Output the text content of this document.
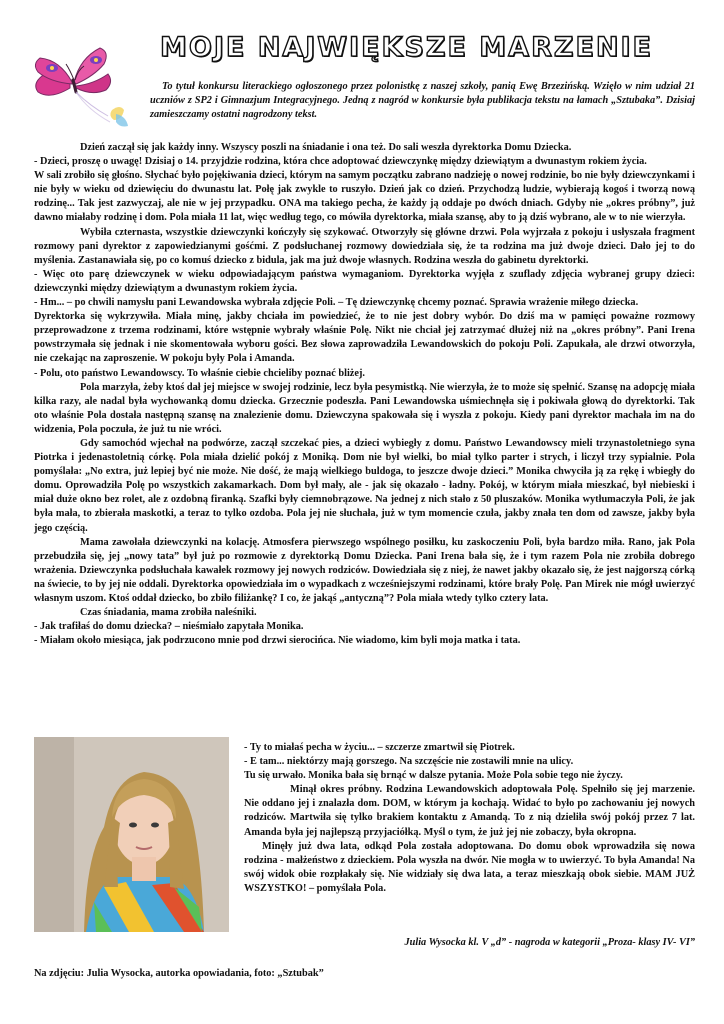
MOJE NAJWIĘKSZE MARZENIE
To tytuł konkursu literackiego ogłoszonego przez polonistkę z naszej szkoły, panią Ewę Brzezińską. Wzięło w nim udział 21 uczniów z SP2 i Gimnazjum Integracyjnego. Jedną z nagród w konkursie była publikacja tekstu na łamach „Sztubaka”. Dzisiaj zamieszczamy ostatni nagrodzony tekst.

Dzień zaczął się jak każdy inny. Wszyscy poszli na śniadanie i ona też. Do sali weszła dyrektorka Domu Dziecka.

- Dzieci, proszę o uwagę! Dzisiaj o 14. przyjdzie rodzina, która chce adoptować dziewczynkę między dziewiątym a dwunastym rokiem życia.

W sali zrobiło się głośno. Słychać było pojękiwania dzieci, którym na samym początku zabrano nadzieję o nowej rodzinie, bo nie były dziewczynkami i nie były w wieku od dziewięciu do dwunastu lat. Połę jak zwykle to ruszyło. Dzień jak co dzień. Przychodzą ludzie, wybierają kogoś i tworzą nową rodzinę... Tak jest zazwyczaj, ale nie w jej przypadku. ONA ma takiego pecha, że każdy ją oddaje po dwóch dniach. Gdyby nie „okres próbny”, już dawno miałaby rodzinę i dom. Pola miała 11 lat, więc według tego, co mówiła dyrektorka, miała szansę, aby to ją dziś wybrano, ale w to nie wierzyła.

Wybiła czternasta, wszystkie dziewczynki kończyły się szykować. Otworzyły się główne drzwi. Pola wyjrzała z pokoju i usłyszała fragment rozmowy pani dyrektor z zapowiedzianymi gośćmi. Z podsłuchanej rozmowy dowiedziała się, że ta rodzina ma już dwoje dzieci. Dało jej to do myślenia. Zastanawiała się, po co komuś dziecko z bidula, jak ma już dwoje własnych. Rodzina weszła do gabinetu dyrektorki.

- Więc oto parę dziewczynek w wieku odpowiadającym państwa wymaganiom. Dyrektorka wyjęła z szuflady zdjęcia wybranej grupy dzieci: dziewczynki między dziewiątym a dwunastym rokiem życia.

- Hm... – po chwili namysłu pani Lewandowska wybrała zdjęcie Poli. – Tę dziewczynkę chcemy poznać. Sprawia wrażenie miłego dziecka.

Dyrektorka się wykrzywiła. Miała minę, jakby chciała im powiedzieć, że to nie jest dobry wybór. Do dziś ma w pamięci poważne rozmowy przeprowadzone z trzema rodzinami, które wstępnie wybrały właśnie Polę. Nikt nie chciał jej zatrzymać dłużej niż na „okres próbny”. Pani Irena powstrzymała się jednak i nie skomentowała wyboru gości. Bez słowa zaprowadziła Lewandowskich do pokoju Poli. Zapukała, ale drzwi otworzyła, nie czekając na zaproszenie. W pokoju były Pola i Amanda.

- Polu, oto państwo Lewandowscy. To właśnie ciebie chcieliby poznać bliżej.

Pola marzyła, żeby ktoś dał jej miejsce w swojej rodzinie, lecz była pesymistką. Nie wierzyła, że to może się spełnić. Szansę na adopcję miała kilka razy, ale nadal była wychowanką domu dziecka. Grzecznie podeszła. Pani Lewandowska uśmiechnęła się i pokiwała głową do dyrektorki. Tak oto właśnie Pola dostała następną szansę na znalezienie domu. Dziewczyna spakowała się i wyszła z pokoju. Kiedy pani dyrektor machała im na do widzenia, Pola poczuła, że już tu nie wróci.

Gdy samochód wjechał na podwórze, zaczął szczekać pies, a dzieci wybiegły z domu. Państwo Lewandowscy mieli trzynastoletniego syna Piotrka i jedenastoletnią córkę. Pola miała dzielić pokój z Moniką. Dom nie był wielki, bo miał tylko parter i strych, i liczył trzy sypialnie. Pola pomyślała: „No extra, już lepiej być nie może. Nie dość, że mają wielkiego buldoga, to jeszcze dwoje dzieci.” Monika chwyciła ją za rękę i wbiegły do domu. Oprowadziła Polę po wszystkich zakamarkach. Dom był mały, ale - jak się okazało - ładny. Pokój, w którym miała mieszkać, był niebieski i miał duże okno bez rolet, ale z ozdobną firanką. Szafki były ciemnobrązowe. Na jednej z nich stało z 50 pluszaków. Monika wytłumaczyła Poli, że jak była mała, to zbierała maskotki, a teraz to tylko ozdoba. Pola jej nie słuchała, już w tym momencie czuła, jakby znała ten dom od zawsze, jakby była jego częścią.

Mama zawołała dziewczynki na kolację. Atmosfera pierwszego wspólnego posiłku, ku zaskoczeniu Poli, była bardzo miła. Rano, jak Pola przebudziła się, jej „nowy tata” był już po rozmowie z dyrektorką Domu Dziecka. Pani Irena bała się, że i tym razem Pola nie zrobiła dobrego wrażenia. Dziewczynka podsłuchała kawałek rozmowy jej nowych rodziców. Dowiedziała się z niej, że nawet jakby okazało się, że jest najgorszą córką na świecie, to by jej nie oddali. Dyrektorka opowiedziała im o wypadkach z wcześniejszymi rodzinami, które brały Polę. Pan Mirek nie mógł uwierzyć własnym uszom. Ktoś oddał dziecko, bo zbiło filiżankę? I co, że jakąś „antyczną”? Pola miała wtedy tylko cztery lata.

Czas śniadania, mama zrobiła naleśniki.

- Jak trafiłaś do domu dziecka? – nieśmiało zapytała Monika.

- Miałam około miesiąca, jak podrzucono mnie pod drzwi sierocińca. Nie wiadomo, kim byli moja matka i tata.

- Ty to miałaś pecha w życiu... – szczerze zmartwił się Piotrek.

- E tam... niektórzy mają gorszego. Na szczęście nie zostawili mnie na ulicy.

Tu się urwało. Monika bała się brnąć w dalsze pytania. Może Pola sobie tego nie życzy.

Minął okres próbny. Rodzina Lewandowskich adoptowała Polę. Spełniło się jej marzenie. Nie oddano jej i znalazła dom. DOM, w którym ja kochają. Widać to było po zachowaniu jej nowych rodziców. Martwiła się tylko brakiem kontaktu z Amandą. To z nią dzieliła swój pokój przez 7 lat. Amanda była jej najlepszą przyjaciółką. Myśl o tym, że już jej nie zobaczy, była okropna.

Minęły już dwa lata, odkąd Pola została adoptowana. Do domu obok wprowadziła się nowa rodzina - małżeństwo z dzieckiem. Pola wyszła na dwór. Nie mogła w to uwierzyć. To była Amanda! Na swój widok obie rozpłakały się. Nie widziały się dwa lata, a teraz mieszkają obok siebie. MAM JUŻ WSZYSTKO! – pomyślała Pola.

Julia Wysocka kl. V „d” - nagroda w kategorii „Proza- klasy IV- VI”
Na zdjęciu: Julia Wysocka, autorka opowiadania, foto: „Sztubak”
